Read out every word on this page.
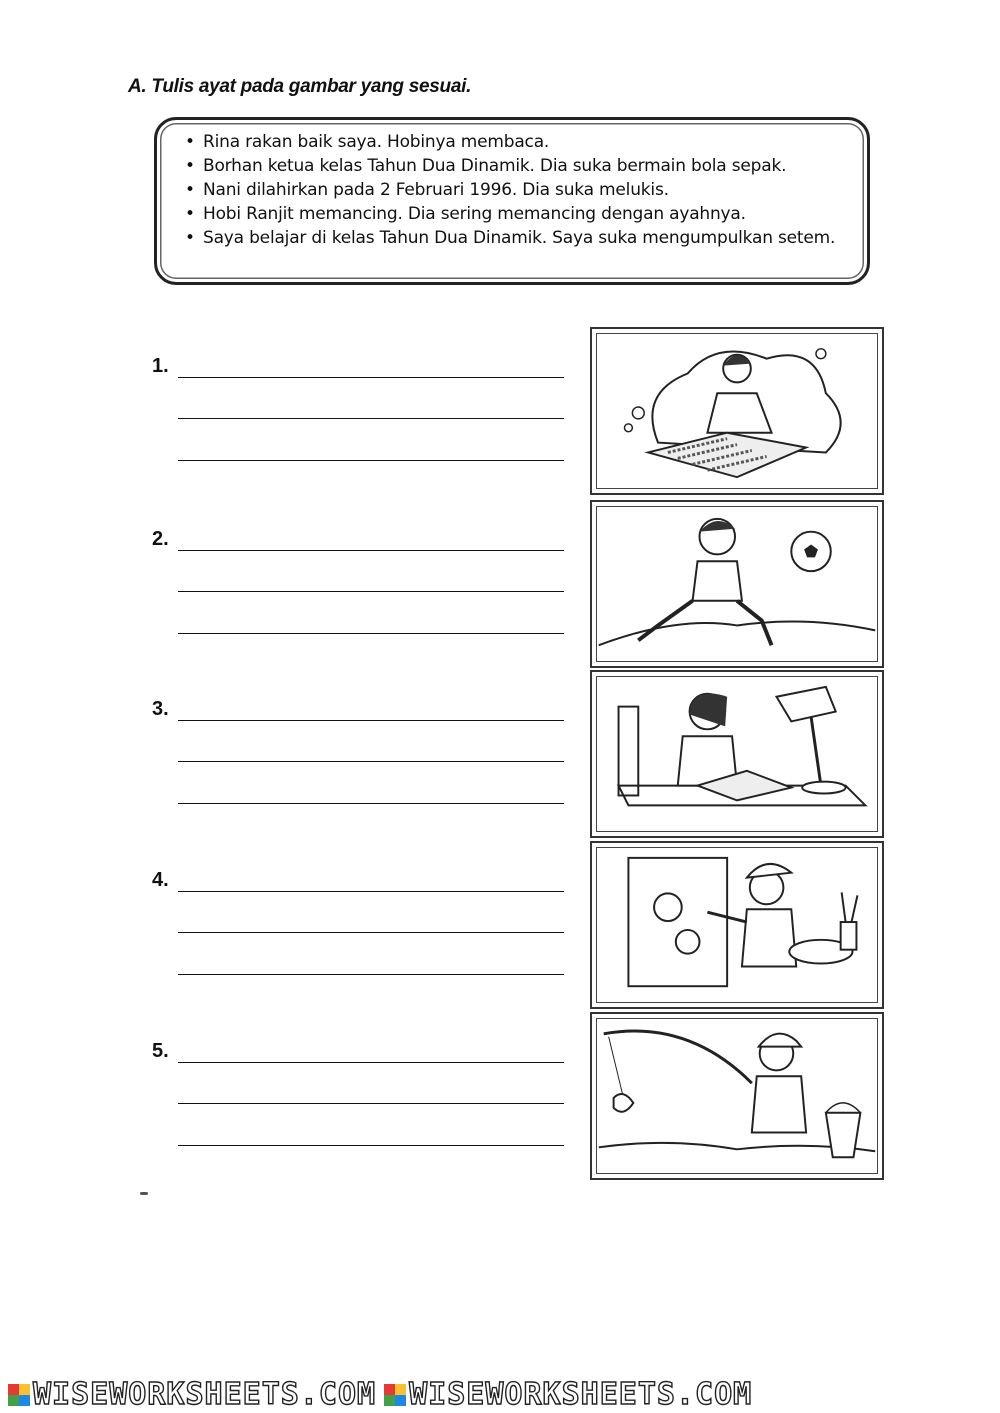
A. Tulis ayat pada gambar yang sesuai.
• Rina rakan baik saya. Hobinya membaca.
• Borhan ketua kelas Tahun Dua Dinamik. Dia suka bermain bola sepak.
• Nani dilahirkan pada 2 Februari 1996. Dia suka melukis.
• Hobi Ranjit memancing. Dia sering memancing dengan ayahnya.
• Saya belajar di kelas Tahun Dua Dinamik. Saya suka mengumpulkan setem.
1.
2.
3.
4.
5.
WISEWORKSHEETS.COM WISEWORKSHEETS.COM
